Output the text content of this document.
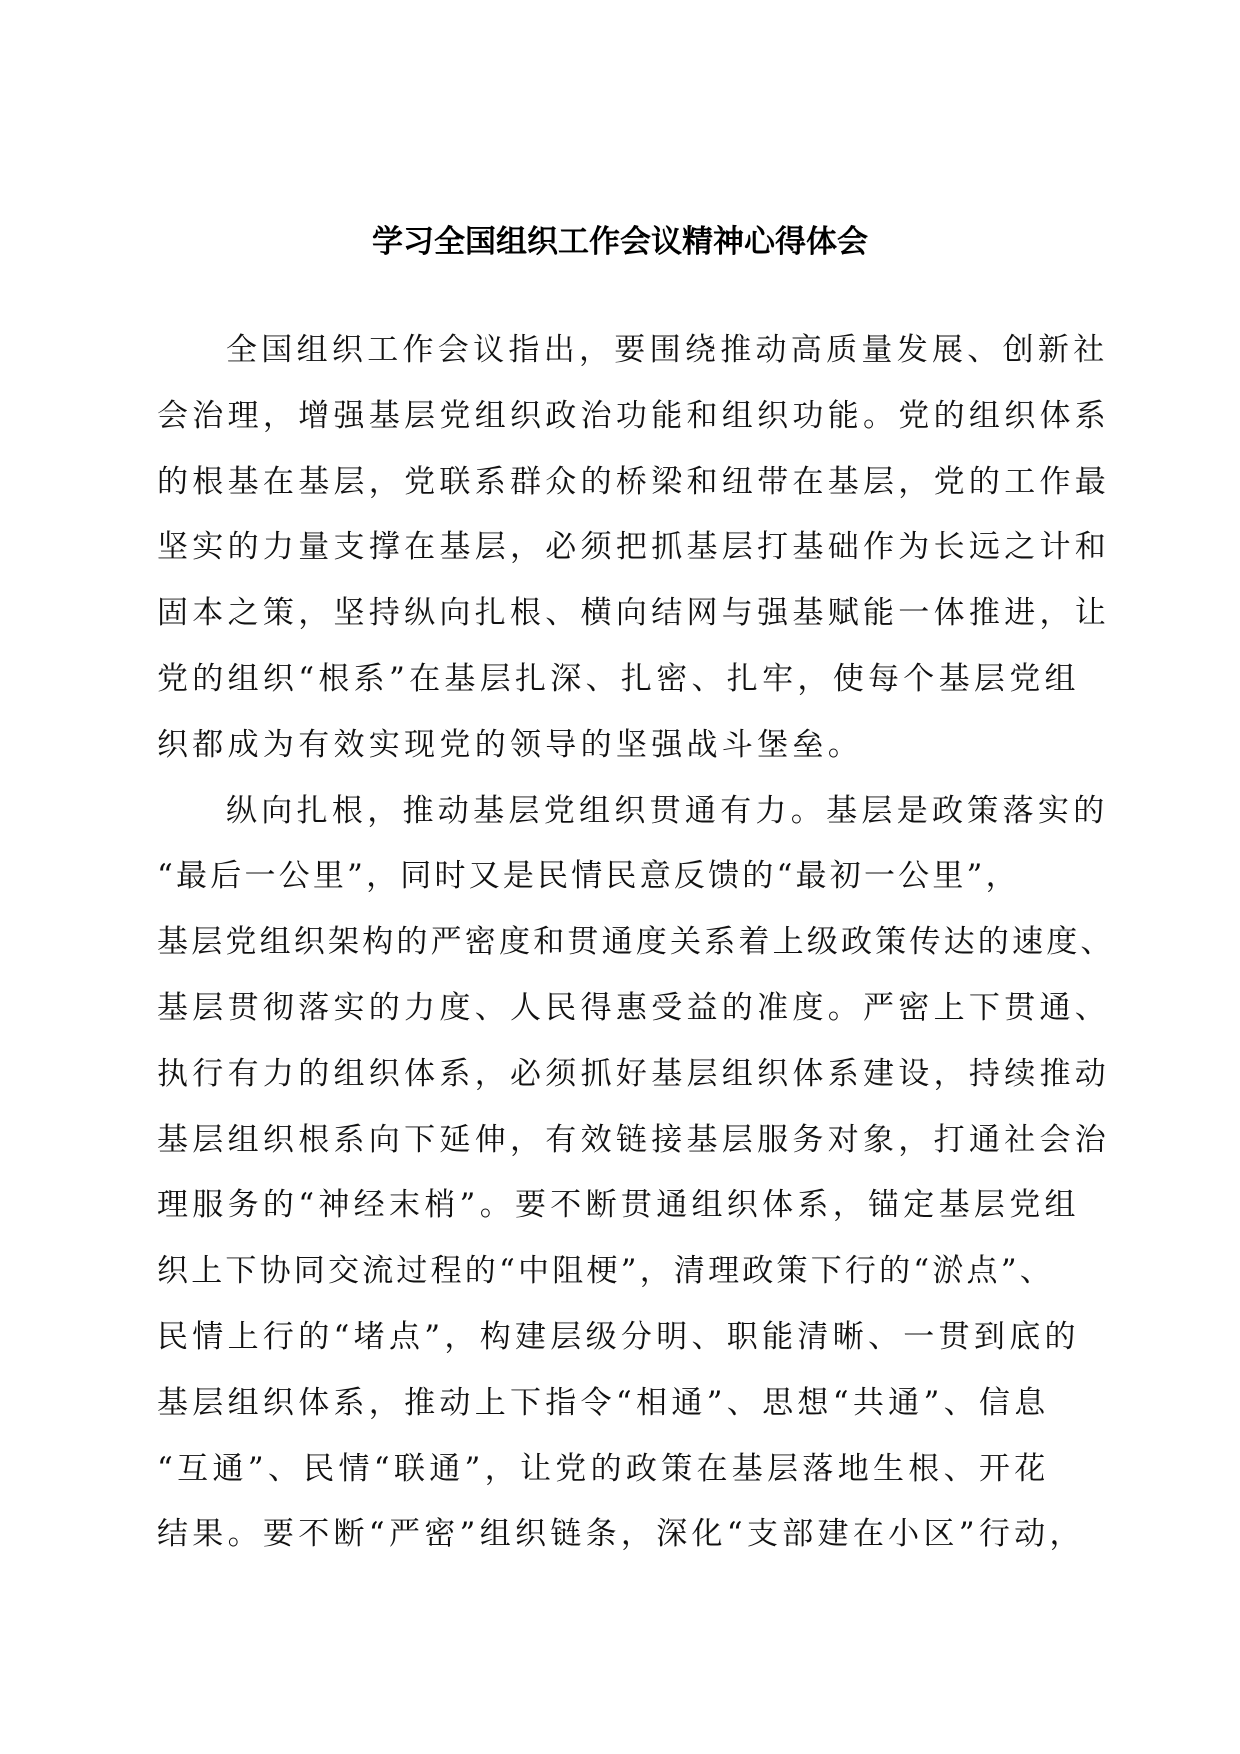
学习全国组织工作会议精神心得体会
全国组织工作会议指出，要围绕推动高质量发展、创新社
会治理，增强基层党组织政治功能和组织功能。党的组织体系
的根基在基层，党联系群众的桥梁和纽带在基层，党的工作最
坚实的力量支撑在基层，必须把抓基层打基础作为长远之计和
固本之策，坚持纵向扎根、横向结网与强基赋能一体推进，让
党的组织“根系”在基层扎深、扎密、扎牢，使每个基层党组
织都成为有效实现党的领导的坚强战斗堡垒。
纵向扎根，推动基层党组织贯通有力。基层是政策落实的
“最后一公里”，同时又是民情民意反馈的“最初一公里”，
基层党组织架构的严密度和贯通度关系着上级政策传达的速度、
基层贯彻落实的力度、人民得惠受益的准度。严密上下贯通、
执行有力的组织体系，必须抓好基层组织体系建设，持续推动
基层组织根系向下延伸，有效链接基层服务对象，打通社会治
理服务的“神经末梢”。要不断贯通组织体系，锚定基层党组
织上下协同交流过程的“中阻梗”，清理政策下行的“淤点”、
民情上行的“堵点”，构建层级分明、职能清晰、一贯到底的
基层组织体系，推动上下指令“相通”、思想“共通”、信息
“互通”、民情“联通”，让党的政策在基层落地生根、开花
结果。要不断“严密”组织链条，深化“支部建在小区”行动，
